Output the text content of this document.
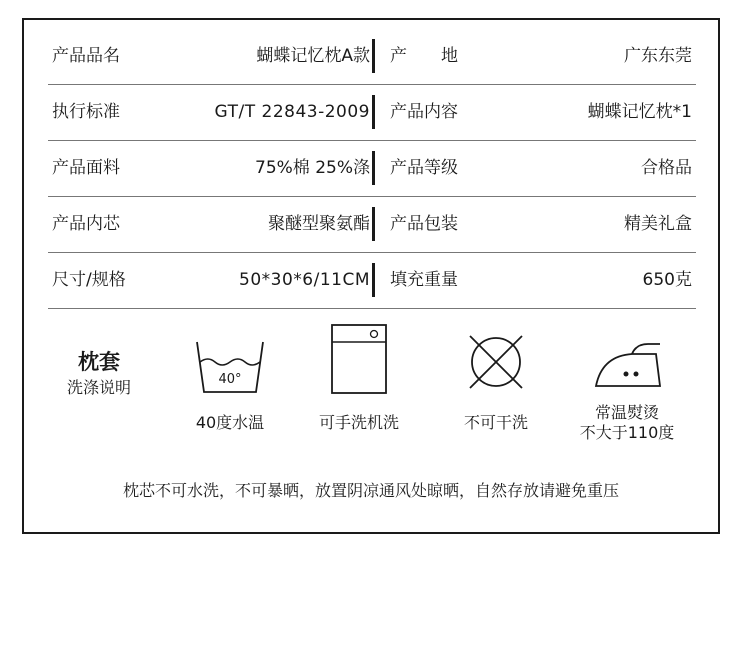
产品品名	蝴蝶记忆枕A款 产　　地	广东东莞
执行标准	GT/T 22843-2009 产品内容	蝴蝶记忆枕*1
产品面料	75%棉 25%涤 产品等级	合格品
产品内芯	聚醚型聚氨酯 产品包装	精美礼盒
尺寸/规格	50*30*6/11CM 填充重量	650克
枕套
洗涤说明	40°
40度水温	可手洗机洗	不可干洗
常温熨烫
不大于110度
枕芯不可水洗，不可暴晒，放置阴凉通风处晾晒，自然存放请避免重压
